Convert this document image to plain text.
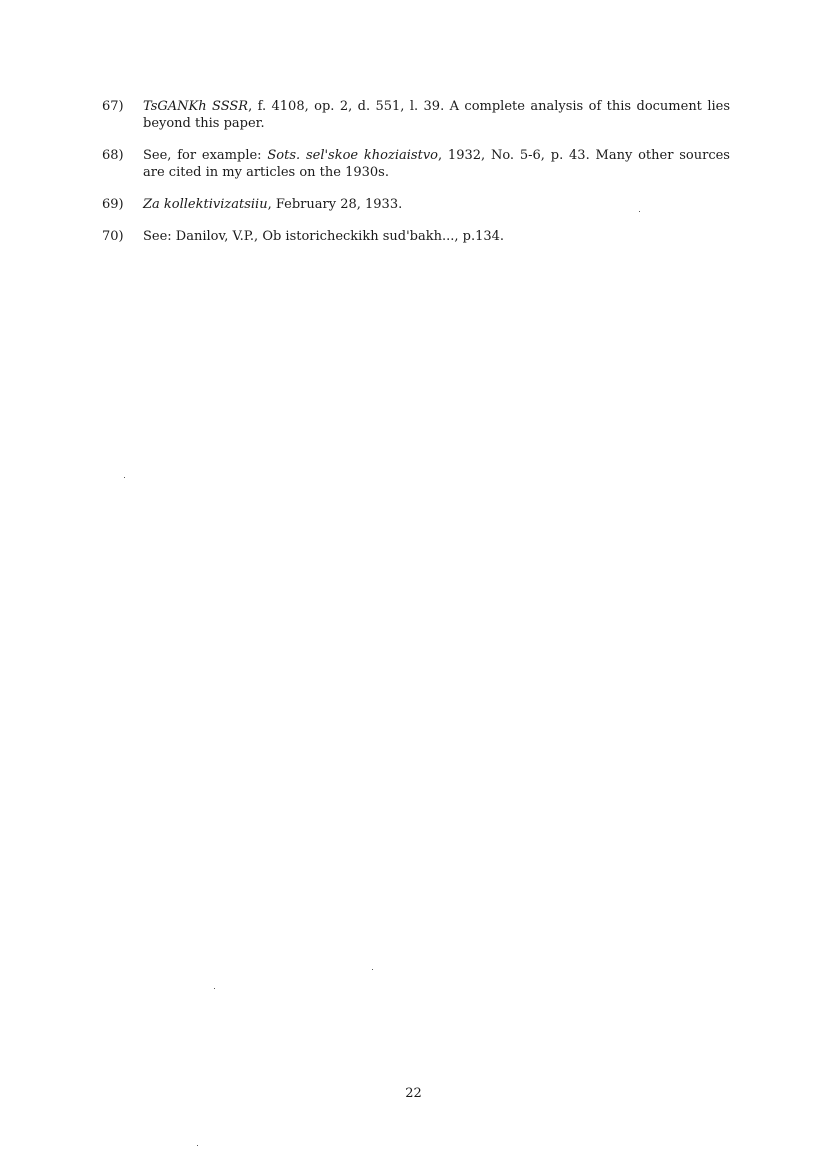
67)	TsGANKh SSSR, f. 4108, op. 2, d. 551, l. 39. A complete analysis of this document lies beyond this paper.
68)	See, for example: Sots. sel'skoe khoziaistvo, 1932, No. 5-6, p. 43. Many other sources are cited in my articles on the 1930s.
69)	Za kollektivizatsiiu, February 28, 1933.
70)	See: Danilov, V.P., Ob istoricheckikh sud'bakh..., p.134.
22
